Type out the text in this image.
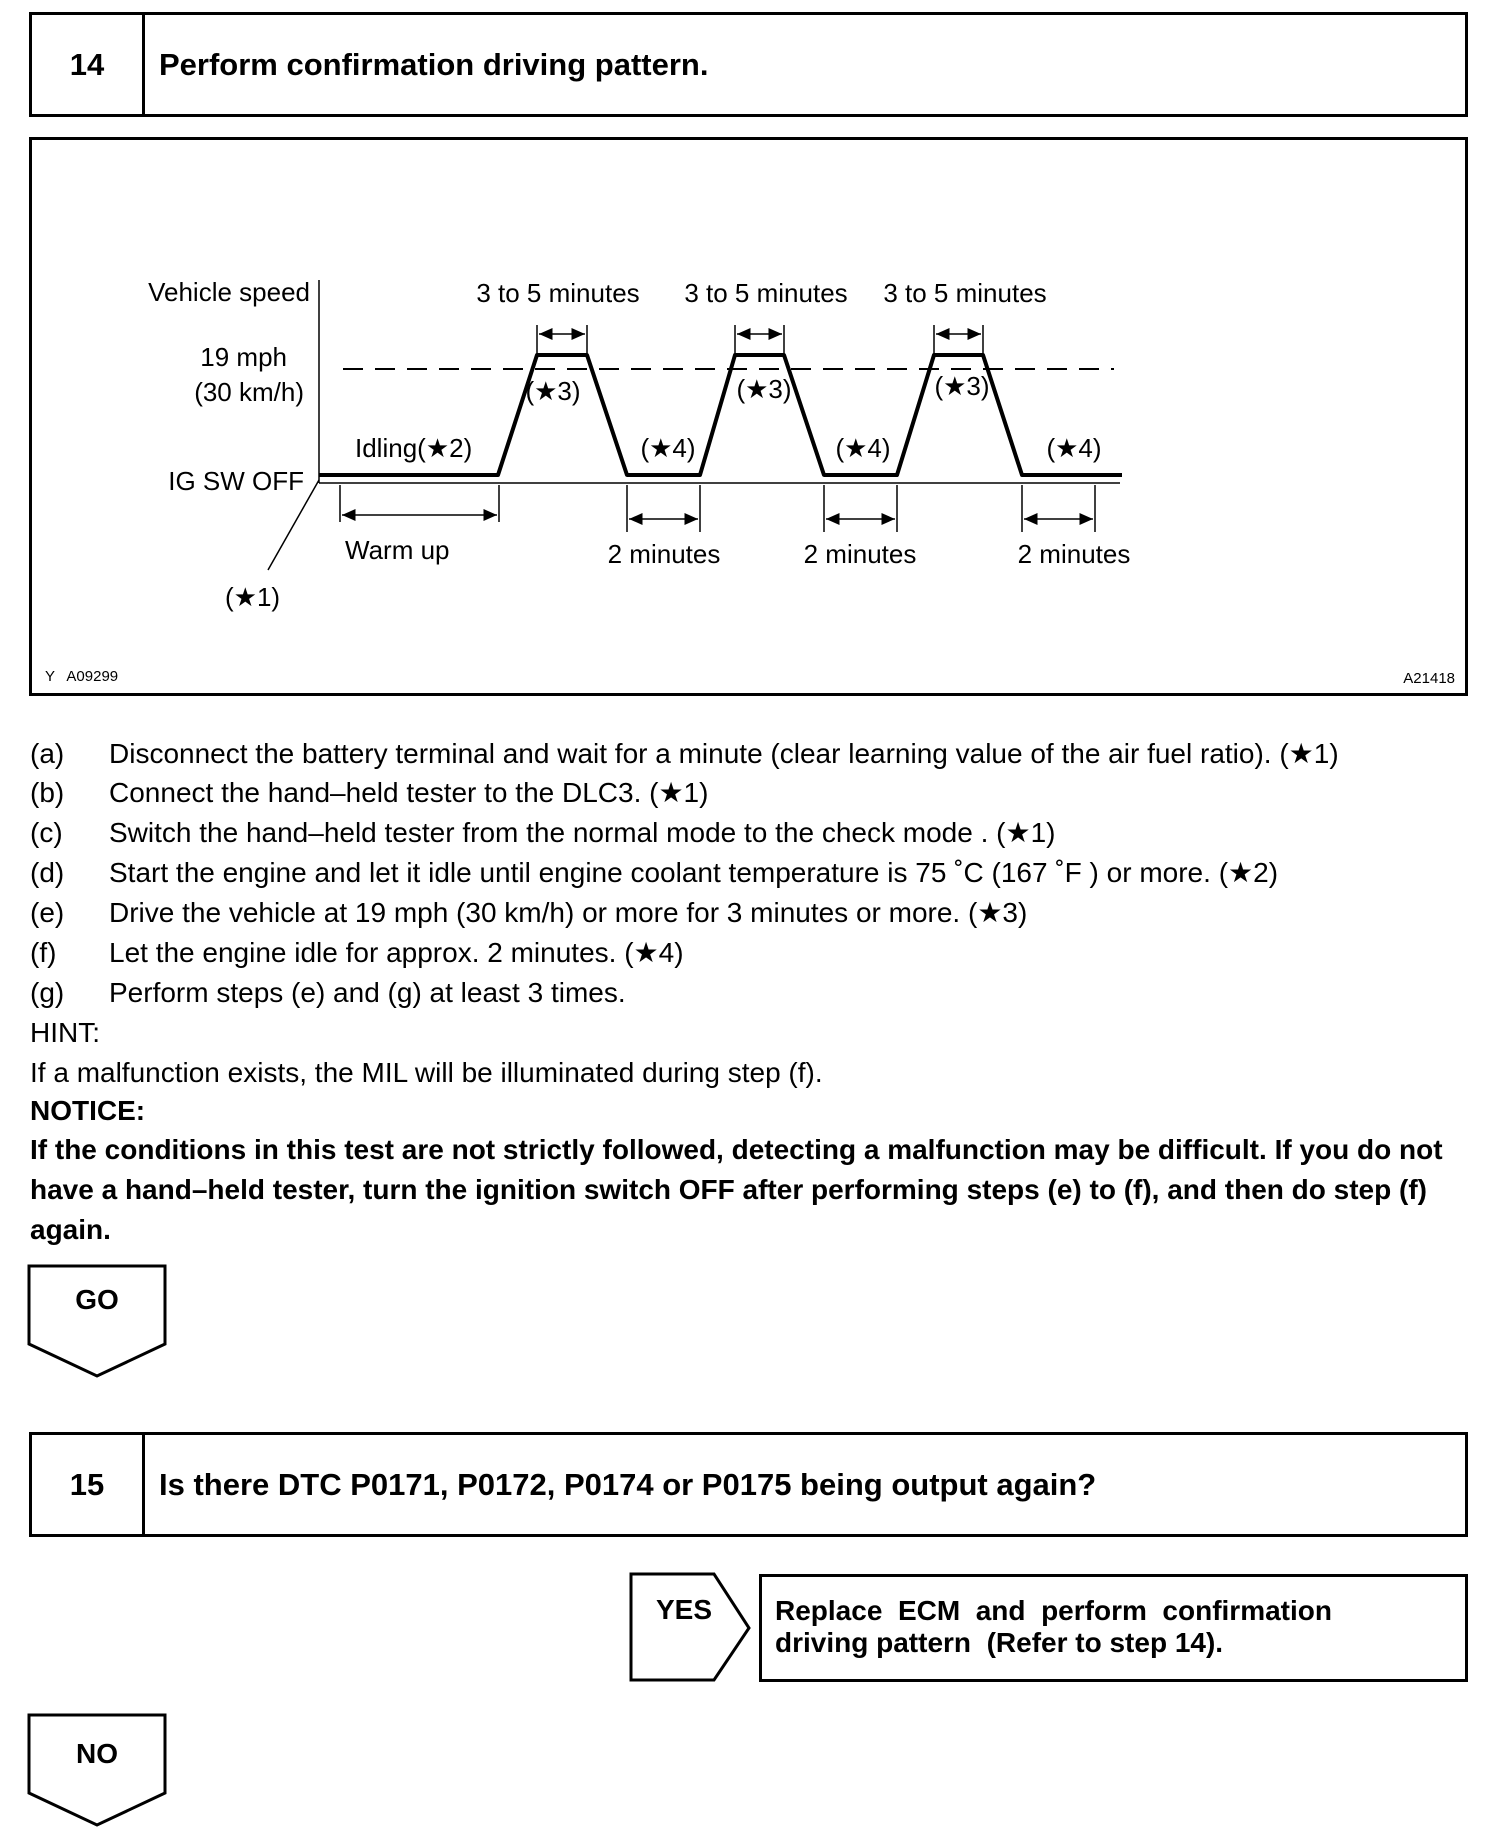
14	Perform confirmation driving pattern.
Vehicle speed
19 mph
(30 km/h)
IG SW OFF
Idling(★2)
Warm up
(★1)
3 to 5 minutes 3 to 5 minutes 3 to 5 minutes
(★3)	(★3)	(★3)
(★4)	(★4)	(★4)
2 minutes	2 minutes	2 minutes
Y   A09299	A21418
(a) Disconnect the battery terminal and wait for a minute (clear learning value of the air fuel ratio). (★1)
(b) Connect the hand–held tester to the DLC3. (★1)
(c) Switch the hand–held tester from the normal mode to the check mode . (★1)
(d) Start the engine and let it idle until engine coolant temperature is 75 ˚C (167 ˚F ) or more. (★2)
(e) Drive the vehicle at 19 mph (30 km/h) or more for 3 minutes or more. (★3)
(f) Let the engine idle for approx. 2 minutes. (★4)
(g) Perform steps (e) and (g) at least 3 times.
HINT:
If a malfunction exists, the MIL will be illuminated during step (f).
NOTICE:
If the conditions in this test are not strictly followed, detecting a malfunction may be difficult. If you do not have a hand–held tester, turn the ignition switch OFF after performing steps (e) to (f), and then do step (f) again.
GO
15	Is there DTC P0171, P0172, P0174 or P0175 being output again?
YES Replace  ECM  and  perform  confirmation
driving pattern  (Refer to step 14).
NO
